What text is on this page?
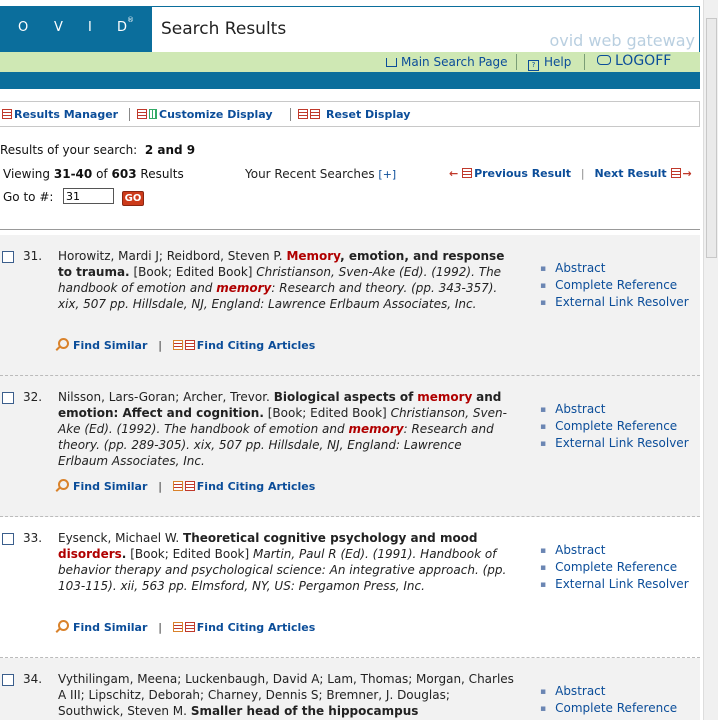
O V I D ® Search Results
ovid web gateway
Main Search Page	? Help	LOGOFF
Results Manager	Customize Display	Reset Display
Results of your search: 2 and 9
Viewing 31-40 of 603 Results	Your Recent Searches [+]	← Previous Result | Next Result →
Go to #:
31	GO
31. Horowitz, Mardi J; Reidbord, Steven P. Memory, emotion, and response to trauma. [Book; Edited Book] Christianson, Sven-Ake (Ed). (1992). The handbook of emotion and memory: Research and theory. (pp. 343-357). xix, 507 pp. Hillsdale, NJ, England: Lawrence Erlbaum Associates, Inc.
Find Similar |	Find Citing Articles
▪ Abstract
▪ Complete Reference
▪ External Link Resolver
32. Nilsson, Lars-Goran; Archer, Trevor. Biological aspects of memory and emotion: Affect and cognition. [Book; Edited Book] Christianson, Sven-Ake (Ed). (1992). The handbook of emotion and memory: Research and theory. (pp. 289-305). xix, 507 pp. Hillsdale, NJ, England: Lawrence Erlbaum Associates, Inc.
Find Similar |	Find Citing Articles
▪ Abstract
▪ Complete Reference
▪ External Link Resolver
33. Eysenck, Michael W. Theoretical cognitive psychology and mood disorders. [Book; Edited Book] Martin, Paul R (Ed). (1991). Handbook of behavior therapy and psychological science: An integrative approach. (pp. 103-115). xii, 563 pp. Elmsford, NY, US: Pergamon Press, Inc.
Find Similar |	Find Citing Articles
▪ Abstract
▪ Complete Reference
▪ External Link Resolver
34. Vythilingam, Meena; Luckenbaugh, David A; Lam, Thomas; Morgan, Charles A III; Lipschitz, Deborah; Charney, Dennis S; Bremner, J. Douglas; Southwick, Steven M. Smaller head of the hippocampus
▪ Abstract
▪ Complete Reference
